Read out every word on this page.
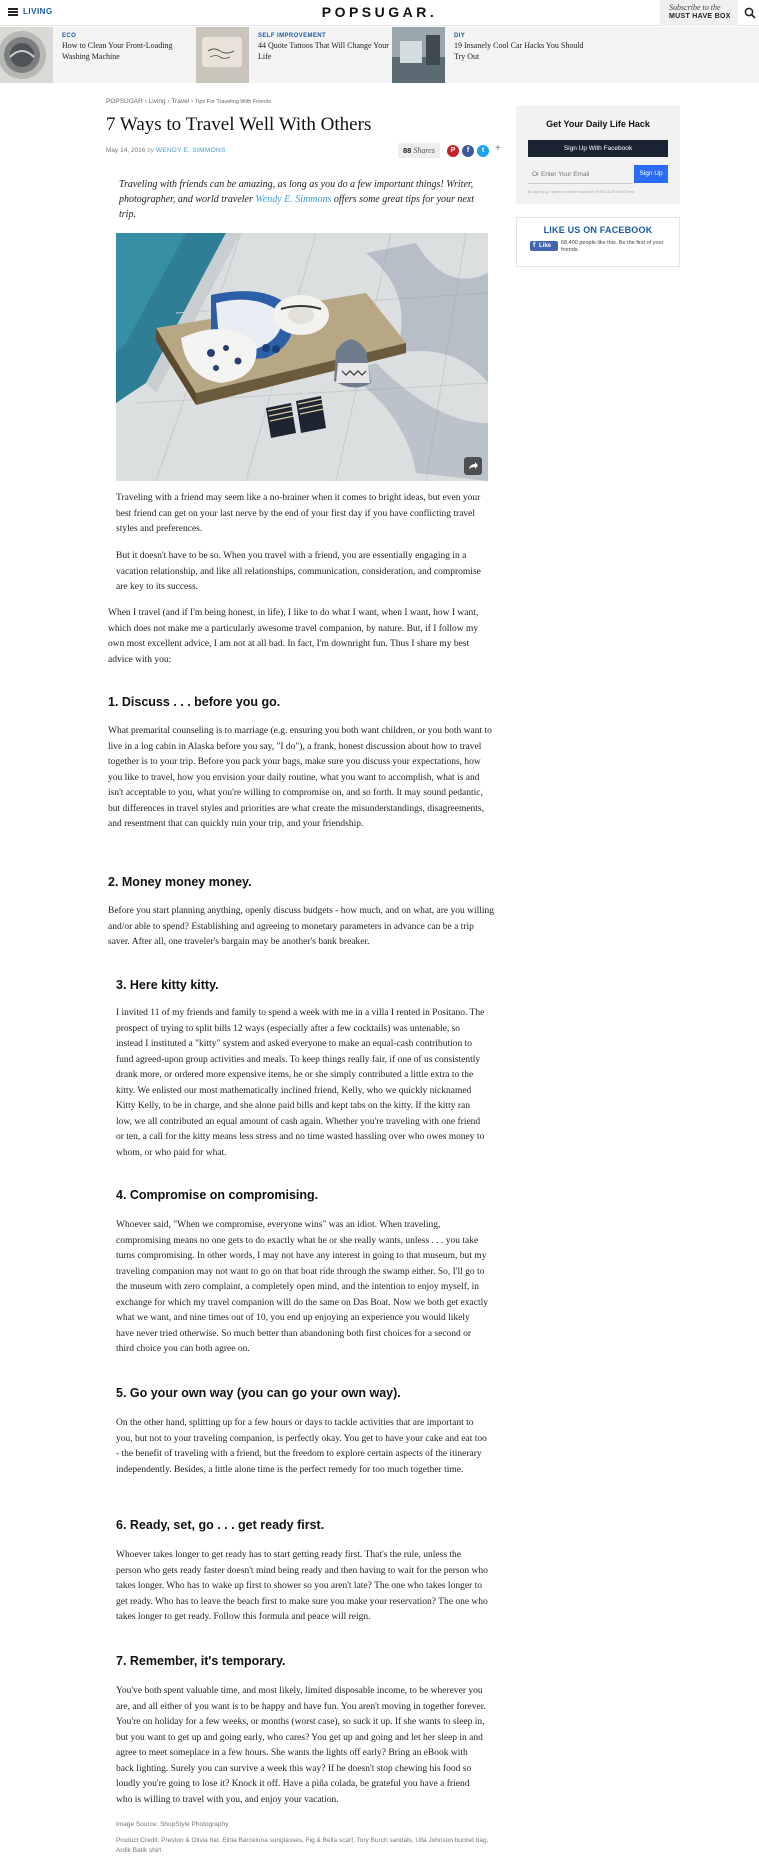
LIVING	POPSUGAR.	Subscribe to the
MUST HAVE BOX
ECO
How to Clean Your Front-Loading Washing Machine
SELF IMPROVEMENT
44 Quote Tattoos That Will Change Your Life
DIY
19 Insanely Cool Car Hacks You Should Try Out
POPSUGAR › Living › Travel › Tips For Traveling With Friends
7 Ways to Travel Well With Others
May 14, 2016 by WENDY E. SIMMONS	88 Shares	P	f	t	+
Traveling with friends can be amazing, as long as you do a few important things! Writer, photographer, and world traveler Wendy E. Simmons offers some great tips for your next trip.

Traveling with a friend may seem like a no-brainer when it comes to bright ideas, but even your best friend can get on your last nerve by the end of your first day if you have conflicting travel styles and preferences.

But it doesn't have to be so. When you travel with a friend, you are essentially engaging in a vacation relationship, and like all relationships, communication, consideration, and compromise are key to its success.

When I travel (and if I'm being honest, in life), I like to do what I want, when I want, how I want, which does not make me a particularly awesome travel companion, by nature. But, if I follow my own most excellent advice, I am not at all bad. In fact, I'm downright fun. Thus I share my best advice with you:

1. Discuss . . . before you go.

What premarital counseling is to marriage (e.g. ensuring you both want children, or you both want to live in a log cabin in Alaska before you say, "I do"), a frank, honest discussion about how to travel together is to your trip. Before you pack your bags, make sure you discuss your expectations, how you like to travel, how you envision your daily routine, what you want to accomplish, what is and isn't acceptable to you, what you're willing to compromise on, and so forth. It may sound pedantic, but differences in travel styles and priorities are what create the misunderstandings, disagreements, and resentment that can quickly ruin your trip, and your friendship.

2. Money money money.

Before you start planning anything, openly discuss budgets - how much, and on what, are you willing and/or able to spend? Establishing and agreeing to monetary parameters in advance can be a trip saver. After all, one traveler's bargain may be another's bank breaker.

3. Here kitty kitty.

I invited 11 of my friends and family to spend a week with me in a villa I rented in Positano. The prospect of trying to split bills 12 ways (especially after a few cocktails) was untenable, so instead I instituted a "kitty" system and asked everyone to make an equal-cash contribution to fund agreed-upon group activities and meals. To keep things really fair, if one of us consistently drank more, or ordered more expensive items, he or she simply contributed a little extra to the kitty. We enlisted our most mathematically inclined friend, Kelly, who we quickly nicknamed Kitty Kelly, to be in charge, and she alone paid bills and kept tabs on the kitty. If the kitty ran low, we all contributed an equal amount of cash again. Whether you're traveling with one friend or ten, a call for the kitty means less stress and no time wasted hassling over who owes money to whom, or who paid for what.

4. Compromise on compromising.

Whoever said, "When we compromise, everyone wins" was an idiot. When traveling, compromising means no one gets to do exactly what he or she really wants, unless . . . you take turns compromising. In other words, I may not have any interest in going to that museum, but my traveling companion may not want to go on that boat ride through the swamp either. So, I'll go to the museum with zero complaint, a completely open mind, and the intention to enjoy myself, in exchange for which my travel companion will do the same on Das Boat. Now we both get exactly what we want, and nine times out of 10, you end up enjoying an experience you would likely have never tried otherwise. So much better than abandoning both first choices for a second or third choice you can both agree on.

5. Go your own way (you can go your own way).

On the other hand, splitting up for a few hours or days to tackle activities that are important to you, but not to your traveling companion, is perfectly okay. You get to have your cake and eat too - the benefit of traveling with a friend, but the freedom to explore certain aspects of the itinerary independently. Besides, a little alone time is the perfect remedy for too much together time.

6. Ready, set, go . . . get ready first.

Whoever takes longer to get ready has to start getting ready first. That's the rule, unless the person who gets ready faster doesn't mind being ready and then having to wait for the person who takes longer. Who has to wake up first to shower so you aren't late? The one who takes longer to get ready. Who has to leave the beach first to make sure you make your reservation? The one who takes longer to get ready. Follow this formula and peace will reign.

7. Remember, it's temporary.

You've both spent valuable time, and most likely, limited disposable income, to be wherever you are, and all either of you want is to be happy and have fun. You aren't moving in together forever. You're on holiday for a few weeks, or months (worst case), so suck it up. If she wants to sleep in, but you want to get up and going early, who cares? You get up and going and let her sleep in and agree to meet someplace in a few hours. She wants the lights off early? Bring an eBook with back lighting. Surely you can survive a week this way? If he doesn't stop chewing his food so loudly you're going to lose it? Knock it off. Have a piña colada, be grateful you have a friend who is willing to travel with you, and enjoy your vacation.

Image Source: ShopStyle Photography
Product Credit: Preston & Olivia hat, Elnia Barcelona sunglasses, Fig & Bella scarf, Tory Burch sandals, Ulla Johnson bucket bag, Ardik Batik shirt
Get Your Daily Life Hack
Sign Up With Facebook
Or Enter Your Email
Sign Up
By signing up, I agree to receive emails from POPSUGAR & the Terms
LIKE US ON FACEBOOK
f Like	68,400 people like this. Be the first of your friends.
